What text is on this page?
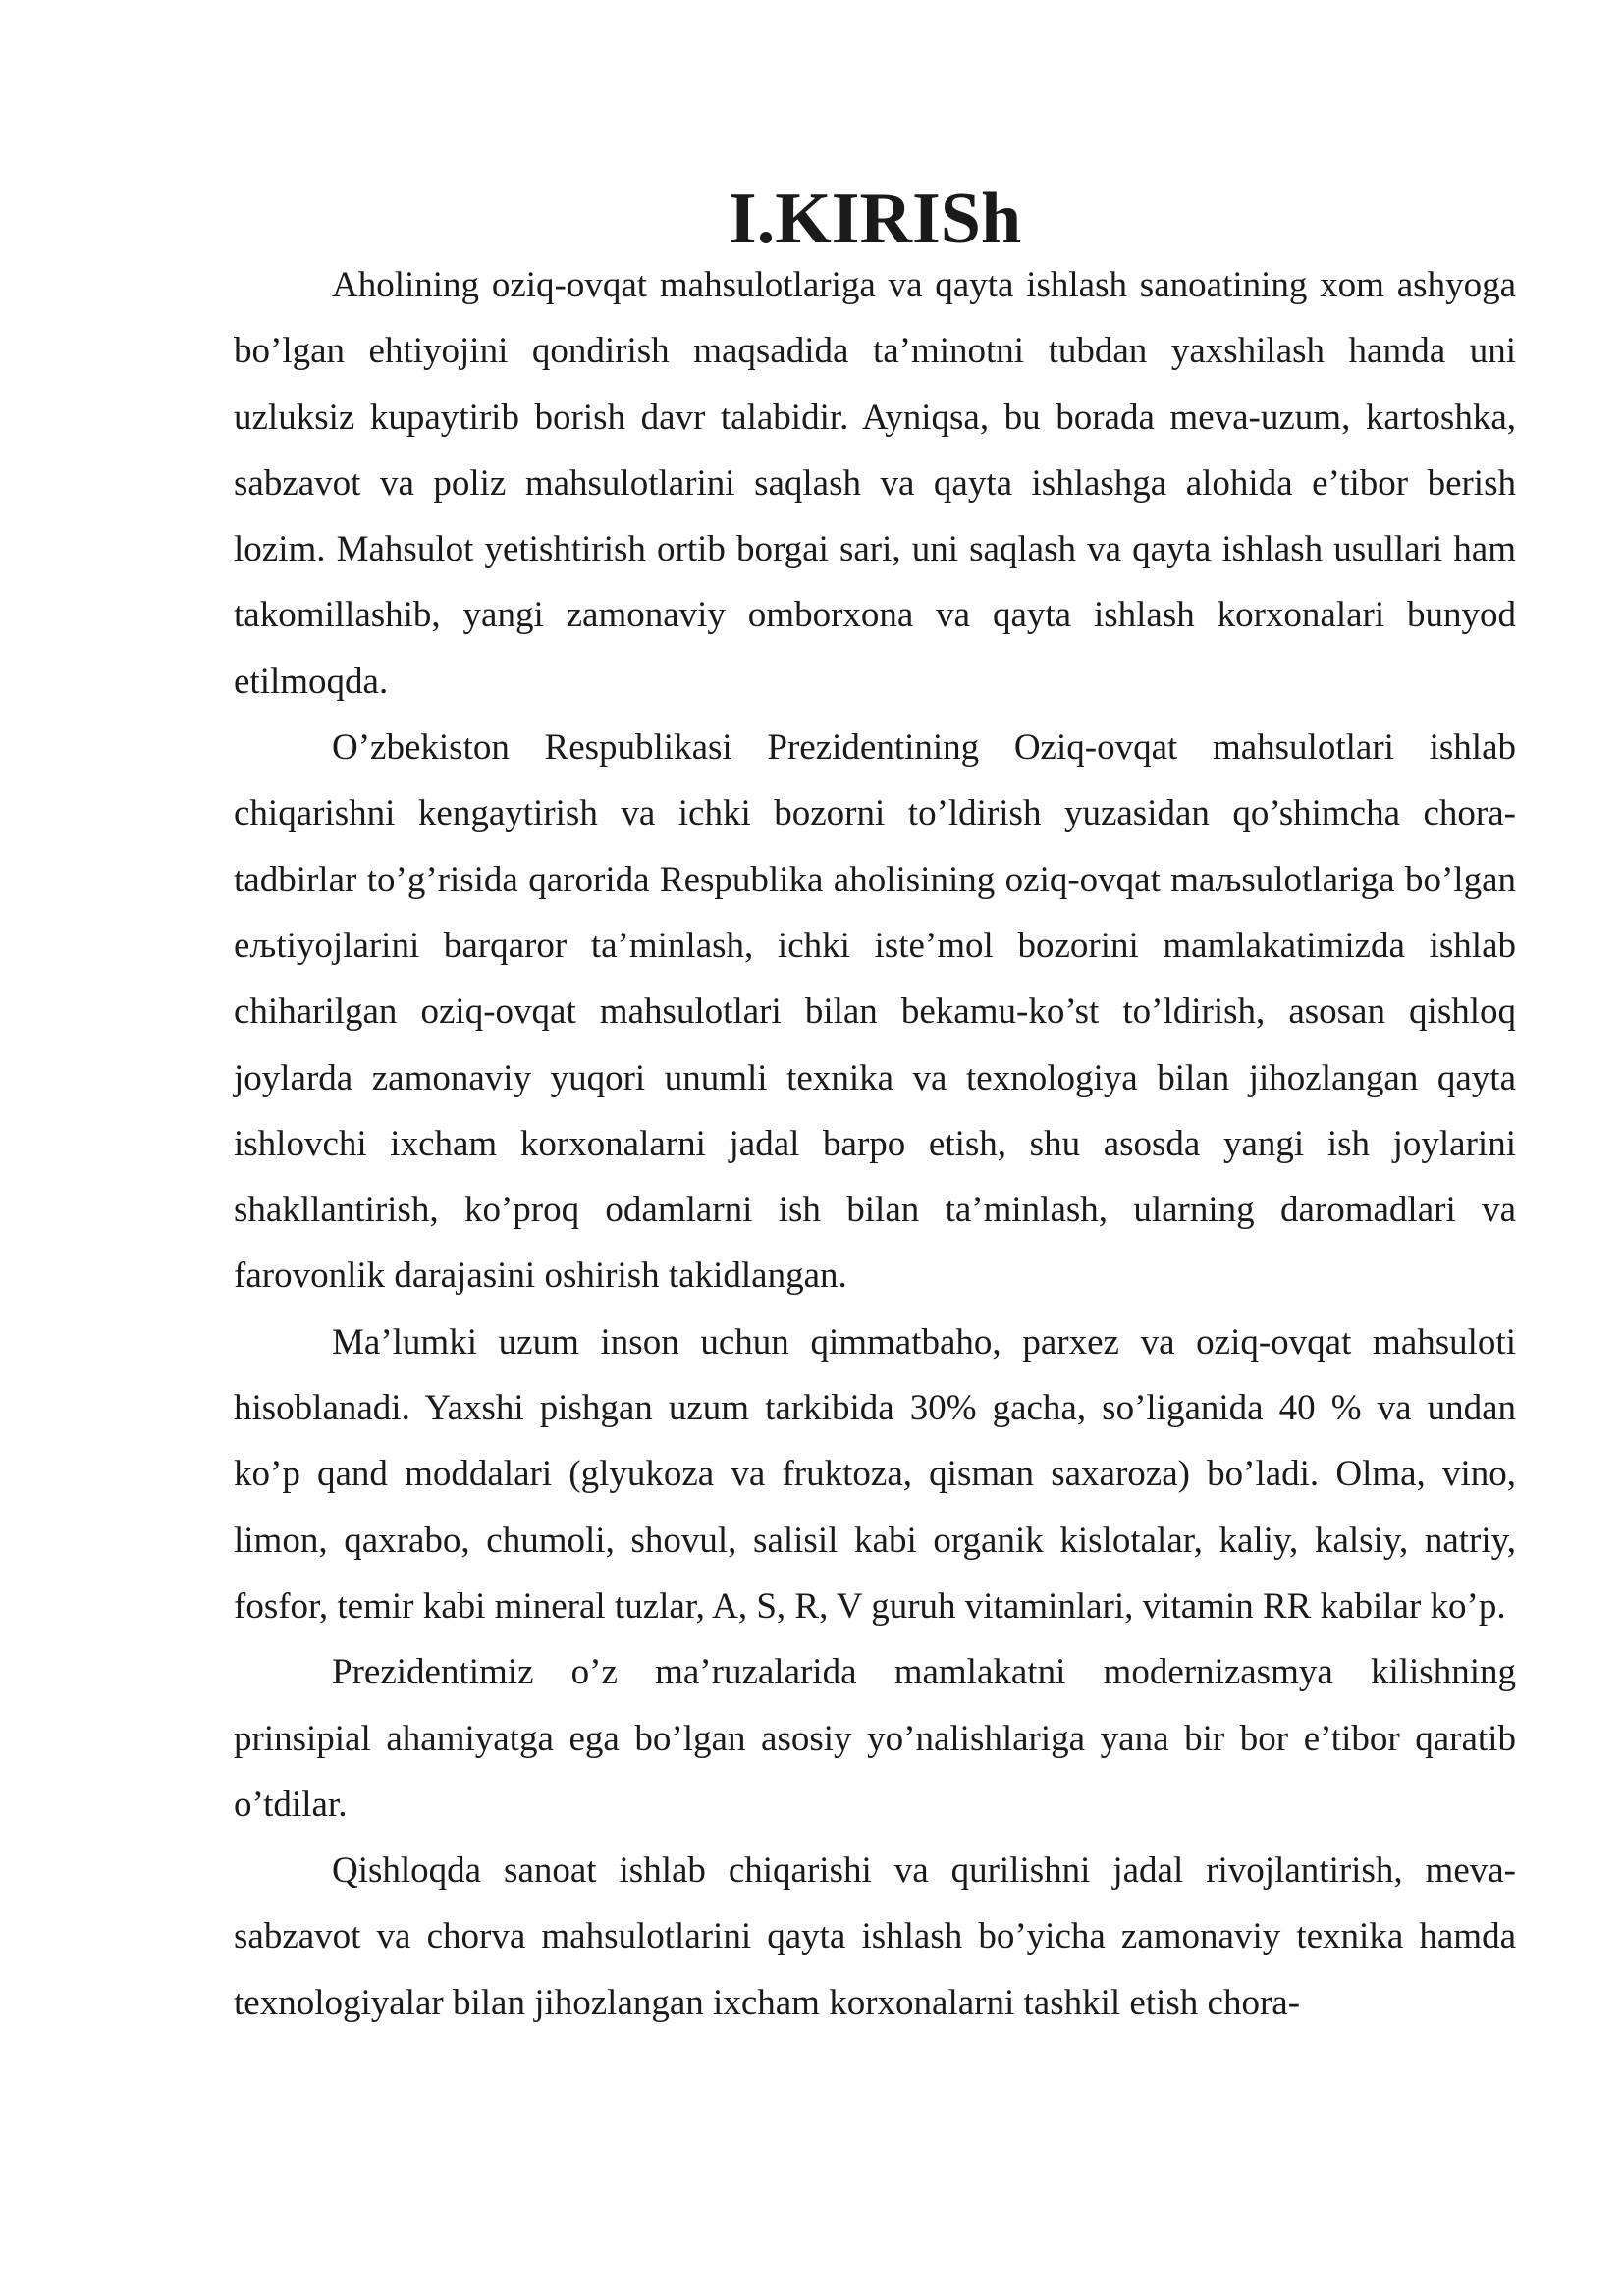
I.KIRISh

Aholining oziq-ovqat mahsulotlariga va qayta ishlash sanoatining xom ashyoga bo’lgan ehtiyojini qondirish maqsadida ta’minotni tubdan yaxshilash hamda uni uzluksiz kupaytirib borish davr talabidir. Ayniqsa, bu borada meva-uzum, kartoshka, sabzavot va poliz mahsulotlarini saqlash va qayta ishlashga alohida e’tibor berish lozim. Mahsulot yetishtirish ortib borgai sari, uni saqlash va qayta ishlash usullari ham takomillashib, yangi zamonaviy omborxona va qayta ishlash korxonalari bunyod etilmoqda.

O’zbekiston Respublikasi Prezidentining Oziq-ovqat mahsulotlari ishlab chiqarishni kengaytirish va ichki bozorni to’ldirish yuzasidan qo’shimcha chora-tadbirlar to’g’risida qarorida Respublika aholisining oziq-ovqat maљsulotlariga bo’lgan eљtiyojlarini barqaror ta’minlash, ichki iste’mol bozorini mamlakatimizda ishlab chiharilgan oziq-ovqat mahsulotlari bilan bekamu-ko’st to’ldirish, asosan qishloq joylarda zamonaviy yuqori unumli texnika va texnologiya bilan jihozlangan qayta ishlovchi ixcham korxonalarni jadal barpo etish, shu asosda yangi ish joylarini shakllantirish, ko’proq odamlarni ish bilan ta’minlash, ularning daromadlari va farovonlik darajasini oshirish takidlangan.

Ma’lumki uzum inson uchun qimmatbaho, parxez va oziq-ovqat mahsuloti hisoblanadi. Yaxshi pishgan uzum tarkibida 30% gacha, so’liganida 40 % va undan ko’p qand moddalari (glyukoza va fruktoza, qisman saxaroza) bo’ladi. Olma, vino, limon, qaxrabo, chumoli, shovul, salisil kabi organik kislotalar, kaliy, kalsiy, natriy, fosfor, temir kabi mineral tuzlar, A, S, R, V guruh vitaminlari, vitamin RR kabilar ko’p.

Prezidentimiz o’z ma’ruzalarida mamlakatni modernizasmya kilishning prinsipial ahamiyatga ega bo’lgan asosiy yo’nalishlariga yana bir bor e’tibor qaratib o’tdilar.

Qishloqda sanoat ishlab chiqarishi va qurilishni jadal rivojlantirish, meva-sabzavot va chorva mahsulotlarini qayta ishlash bo’yicha zamonaviy texnika hamda texnologiyalar bilan jihozlangan ixcham korxonalarni tashkil etish chora-
